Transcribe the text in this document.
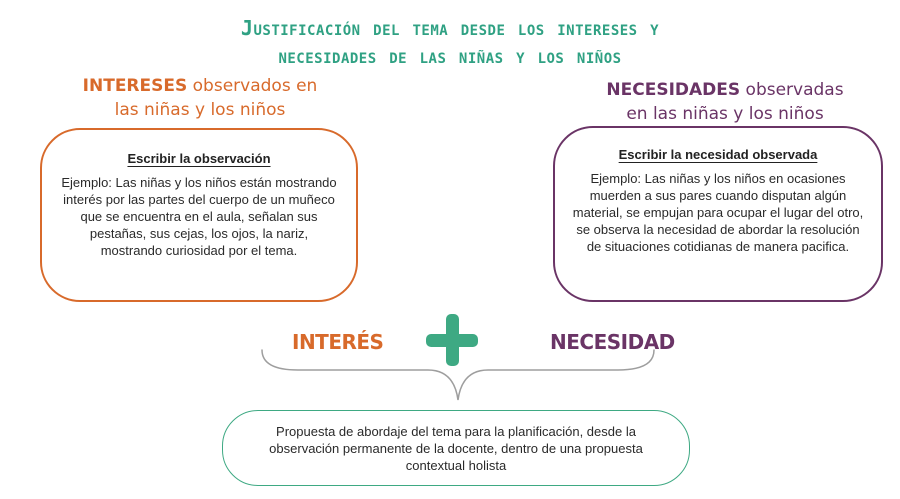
Justificación del tema desde los intereses y
necesidades de las niñas y los niños
INTERESES observados en
las niñas y los niños
NECESIDADES observadas
en las niñas y los niños
Escribir la observación
Ejemplo: Las niñas y los niños están mostrando interés por las partes del cuerpo de un muñeco que se encuentra en el aula, señalan sus pestañas, sus cejas, los ojos, la nariz, mostrando curiosidad por el tema.
Escribir la necesidad observada
Ejemplo: Las niñas y los niños en ocasiones muerden a sus pares cuando disputan algún material, se empujan para ocupar el lugar del otro, se observa la necesidad de abordar la resolución de situaciones cotidianas de manera pacifica.
INTERÉS	NECESIDAD
Propuesta de abordaje del tema para la planificación, desde la observación permanente de la docente, dentro de una propuesta contextual holista
